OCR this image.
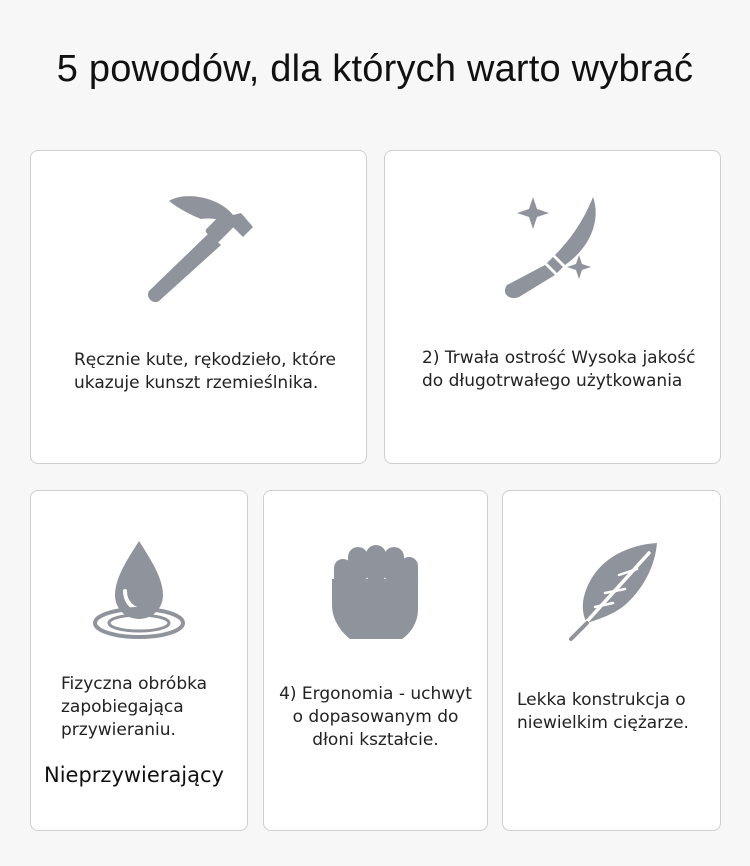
5 powodów, dla których warto wybrać

Ręcznie kute, rękodzieło, które ukazuje kunszt rzemieślnika.

2) Trwała ostrość Wysoka jakość do długotrwałego użytkowania

Fizyczna obróbka zapobiegająca przywieraniu.

Nieprzywierający

4) Ergonomia - uchwyt o dopasowanym do dłoni kształcie.

Lekka konstrukcja o niewielkim ciężarze.
